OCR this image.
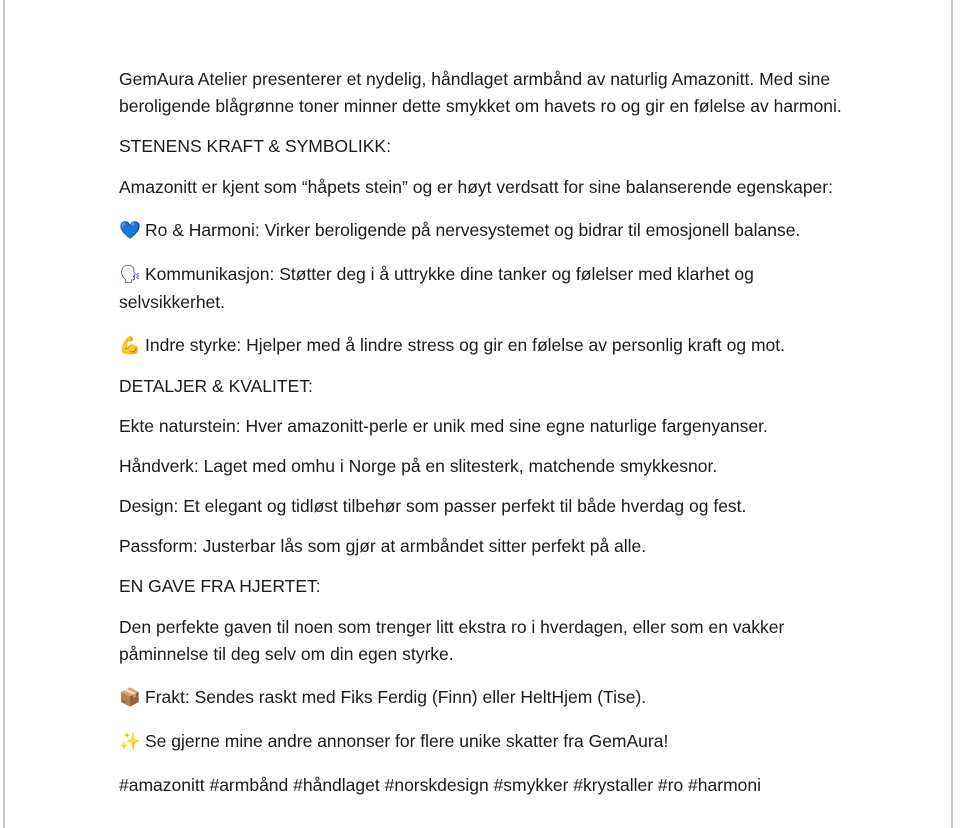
GemAura Atelier presenterer et nydelig, håndlaget armbånd av naturlig Amazonitt. Med sine beroligende blågrønne toner minner dette smykket om havets ro og gir en følelse av harmoni.

STENENS KRAFT & SYMBOLIKK:

Amazonitt er kjent som “håpets stein” og er høyt verdsatt for sine balanserende egenskaper:

💙 Ro & Harmoni: Virker beroligende på nervesystemet og bidrar til emosjonell balanse.

🗣 Kommunikasjon: Støtter deg i å uttrykke dine tanker og følelser med klarhet og selvsikkerhet.

💪 Indre styrke: Hjelper med å lindre stress og gir en følelse av personlig kraft og mot.

DETALJER & KVALITET:

Ekte naturstein: Hver amazonitt-perle er unik med sine egne naturlige fargenyanser.

Håndverk: Laget med omhu i Norge på en slitesterk, matchende smykkesnor.

Design: Et elegant og tidløst tilbehør som passer perfekt til både hverdag og fest.

Passform: Justerbar lås som gjør at armbåndet sitter perfekt på alle.

EN GAVE FRA HJERTET:

Den perfekte gaven til noen som trenger litt ekstra ro i hverdagen, eller som en vakker påminnelse til deg selv om din egen styrke.

📦 Frakt: Sendes raskt med Fiks Ferdig (Finn) eller HeltHjem (Tise).

✨ Se gjerne mine andre annonser for flere unike skatter fra GemAura!

#amazonitt #armbånd #håndlaget #norskdesign #smykker #krystaller #ro #harmoni
